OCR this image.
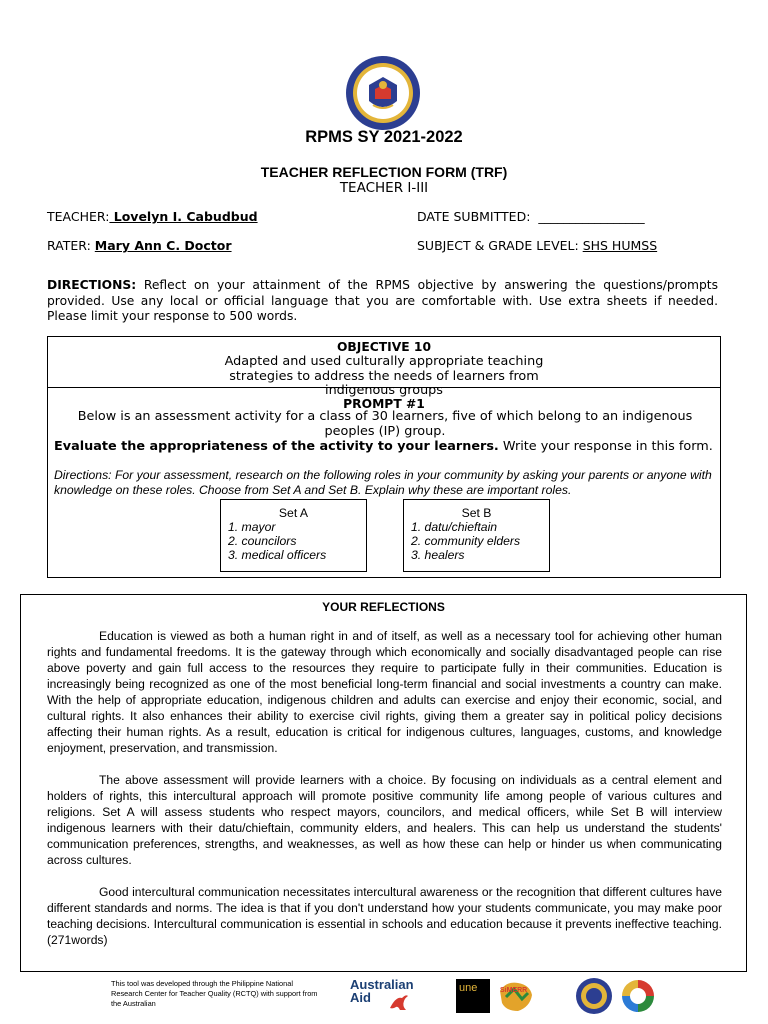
RPMS SY 2021-2022
TEACHER REFLECTION FORM (TRF)
TEACHER I-III
TEACHER: Lovelyn I. Cabudbud	DATE SUBMITTED: _________________
RATER: Mary Ann C. Doctor	SUBJECT & GRADE LEVEL: SHS HUMSS
DIRECTIONS: Reflect on your attainment of the RPMS objective by answering the questions/prompts provided. Use any local or official language that you are comfortable with. Use extra sheets if needed. Please limit your response to 500 words.
OBJECTIVE 10
Adapted and used culturally appropriate teaching strategies to address the needs of learners from indigenous groups
PROMPT #1
Below is an assessment activity for a class of 30 learners, five of which belong to an indigenous peoples (IP) group.
Evaluate the appropriateness of the activity to your learners. Write your response in this form.
Directions: For your assessment, research on the following roles in your community by asking your parents or anyone with knowledge on these roles. Choose from Set A and Set B. Explain why these are important roles.
Set A
1. mayor
2. councilors
3. medical officers
Set B
1. datu/chieftain
2. community elders
3. healers
YOUR REFLECTIONS

Education is viewed as both a human right in and of itself, as well as a necessary tool for achieving other human rights and fundamental freedoms. It is the gateway through which economically and socially disadvantaged people can rise above poverty and gain full access to the resources they require to participate fully in their communities. Education is increasingly being recognized as one of the most beneficial long-term financial and social investments a country can make. With the help of appropriate education, indigenous children and adults can exercise and enjoy their economic, social, and cultural rights. It also enhances their ability to exercise civil rights, giving them a greater say in political policy decisions affecting their human rights. As a result, education is critical for indigenous cultures, languages, customs, and knowledge enjoyment, preservation, and transmission.

The above assessment will provide learners with a choice. By focusing on individuals as a central element and holders of rights, this intercultural approach will promote positive community life among people of various cultures and religions. Set A will assess students who respect mayors, councilors, and medical officers, while Set B will interview indigenous learners with their datu/chieftain, community elders, and healers. This can help us understand the students' communication preferences, strengths, and weaknesses, as well as how these can help or hinder us when communicating across cultures.

Good intercultural communication necessitates intercultural awareness or the recognition that different cultures have different standards and norms. The idea is that if you don't understand how your students communicate, you may make poor teaching decisions. Intercultural communication is essential in schools and education because it prevents ineffective teaching. (271words)

This tool was developed through the Philippine National Research Center for Teacher Quality (RCTQ) with support from the Australian
Australian
Aid
une	SiMERR
